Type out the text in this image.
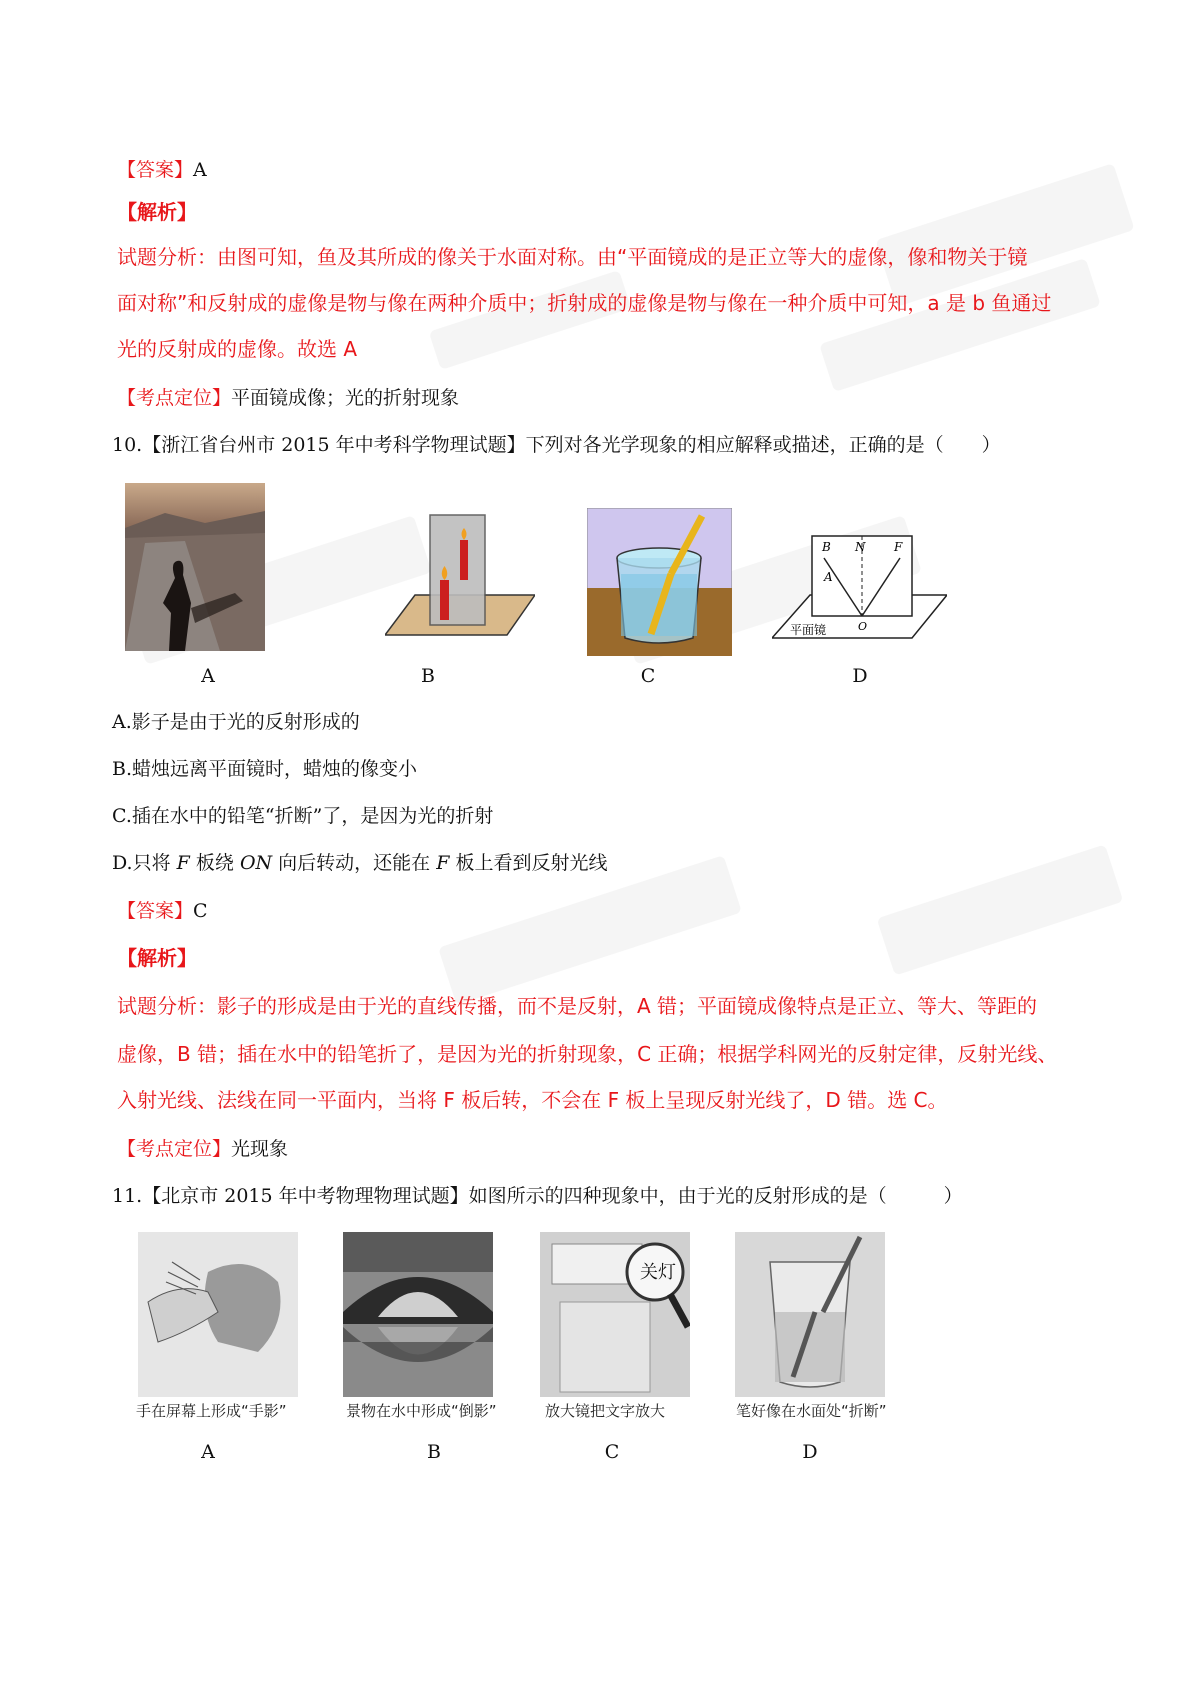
【答案】A
【解析】
试题分析：由图可知，鱼及其所成的像关于水面对称。由“平面镜成的是正立等大的虚像，像和物关于镜
面对称”和反射成的虚像是物与像在两种介质中；折射成的虚像是物与像在一种介质中可知，a 是 b 鱼通过
光的反射成的虚像。故选 A
【考点定位】平面镜成像；光的折射现象
10.【浙江省台州市 2015 年中考科学物理试题】下列对各光学现象的相应解释或描述，正确的是（　　）
A	B	C
B N F
A
O
平面镜
D
A.影子是由于光的反射形成的
B.蜡烛远离平面镜时，蜡烛的像变小
C.插在水中的铅笔“折断”了，是因为光的折射
D.只将 F 板绕 ON 向后转动，还能在 F 板上看到反射光线
【答案】C
【解析】
试题分析：影子的形成是由于光的直线传播，而不是反射，A 错；平面镜成像特点是正立、等大、等距的
虚像，B 错；插在水中的铅笔折了，是因为光的折射现象，C 正确；根据学科网光的反射定律，反射光线、
入射光线、法线在同一平面内，当将 F 板后转，不会在 F 板上呈现反射光线了，D 错。选 C。
【考点定位】光现象
11.【北京市 2015 年中考物理物理试题】如图所示的四种现象中，由于光的反射形成的是（　　　）
手在屏幕上形成“手影”
A
景物在水中形成“倒影”
B
关灯
放大镜把文字放大
C
笔好像在水面处“折断”
D
